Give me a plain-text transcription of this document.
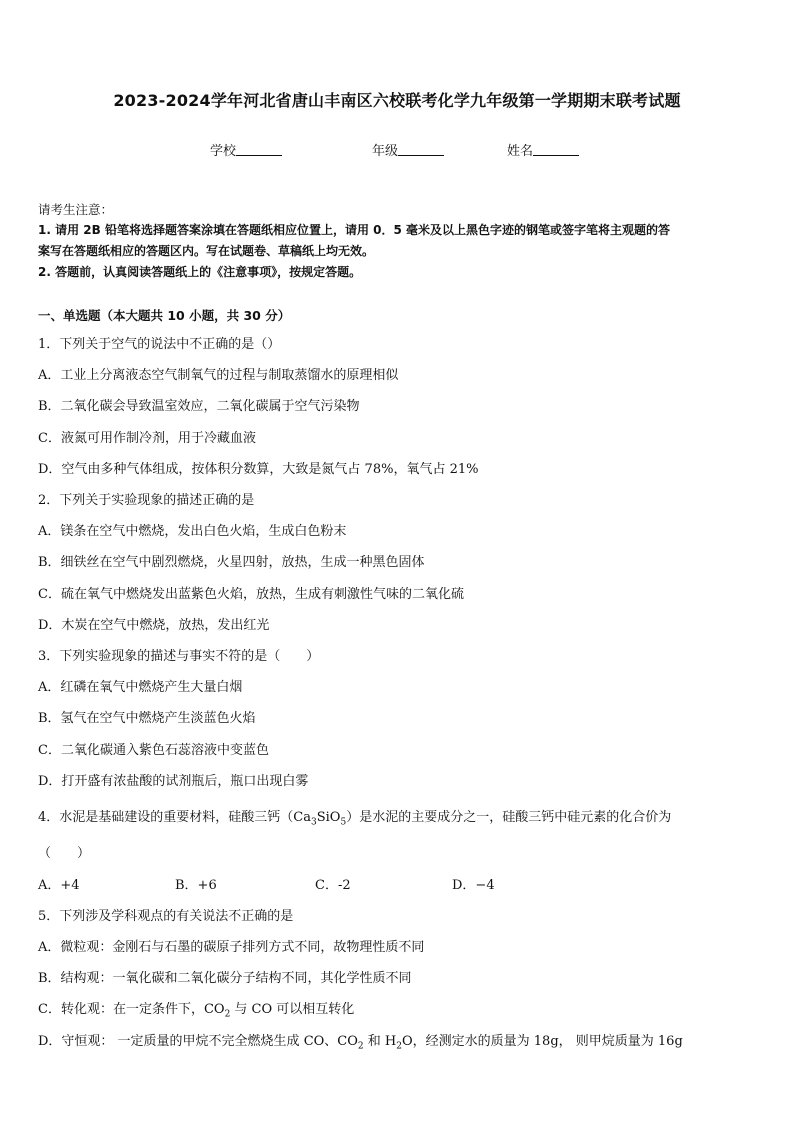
2023-2024学年河北省唐山丰南区六校联考化学九年级第一学期期末联考试题
学校	年级	姓名
请考生注意：
1. 请用 2B 铅笔将选择题答案涂填在答题纸相应位置上，请用 0．5 毫米及以上黑色字迹的钢笔或签字笔将主观题的答
案写在答题纸相应的答题区内。写在试题卷、草稿纸上均无效。
2. 答题前，认真阅读答题纸上的《注意事项》，按规定答题。
一、单选题（本大题共 10 小题，共 30 分）
1．下列关于空气的说法中不正确的是（）
A．工业上分离液态空气制氧气的过程与制取蒸馏水的原理相似
B．二氧化碳会导致温室效应，二氧化碳属于空气污染物
C．液氮可用作制冷剂，用于冷藏血液
D．空气由多种气体组成，按体积分数算，大致是氮气占 78%，氧气占 21%
2．下列关于实验现象的描述正确的是
A．镁条在空气中燃烧，发出白色火焰，生成白色粉末
B．细铁丝在空气中剧烈燃烧，火星四射，放热，生成一种黑色固体
C．硫在氧气中燃烧发出蓝紫色火焰，放热，生成有刺激性气味的二氧化硫
D．木炭在空气中燃烧，放热，发出红光
3．下列实验现象的描述与事实不符的是（　　）
A．红磷在氧气中燃烧产生大量白烟
B．氢气在空气中燃烧产生淡蓝色火焰
C．二氧化碳通入紫色石蕊溶液中变蓝色
D．打开盛有浓盐酸的试剂瓶后，瓶口出现白雾
4．水泥是基础建设的重要材料，硅酸三钙$(Ca_3SiO_5)$是水泥的主要成分之一，硅酸三钙中硅元素的化合价为
（　　）
A．+4	B．+6	C．-2	D．−4
5．下列涉及学科观点的有关说法不正确的是
A．微粒观：金刚石与石墨的碳原子排列方式不同，故物理性质不同
B．结构观：一氧化碳和二氧化碳分子结构不同，其化学性质不同
C．转化观：在一定条件下，$CO_2$ 与 CO 可以相互转化
D．守恒观： 一定质量的甲烷不完全燃烧生成 CO、$CO_2$ 和 $H_2O$，经测定水的质量为 18g， 则甲烷质量为 16g
